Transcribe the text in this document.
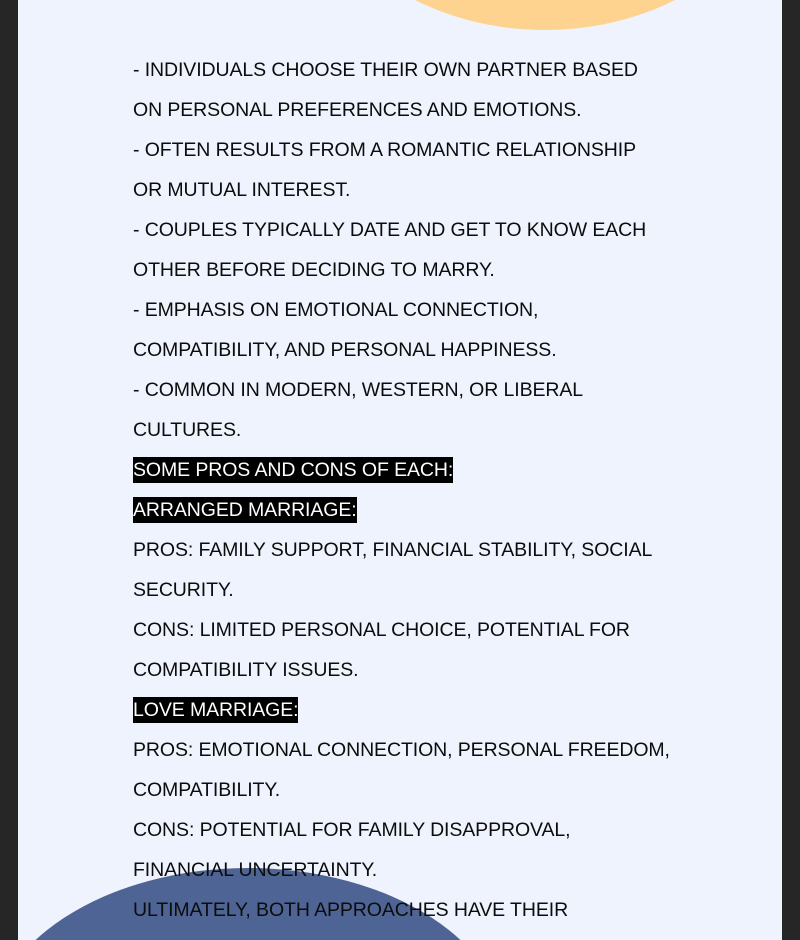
- INDIVIDUALS CHOOSE THEIR OWN PARTNER BASED
ON PERSONAL PREFERENCES AND EMOTIONS.
- OFTEN RESULTS FROM A ROMANTIC RELATIONSHIP
OR MUTUAL INTEREST.
- COUPLES TYPICALLY DATE AND GET TO KNOW EACH
OTHER BEFORE DECIDING TO MARRY.
- EMPHASIS ON EMOTIONAL CONNECTION,
COMPATIBILITY, AND PERSONAL HAPPINESS.
- COMMON IN MODERN, WESTERN, OR LIBERAL
CULTURES.
SOME PROS AND CONS OF EACH:
ARRANGED MARRIAGE:
PROS: FAMILY SUPPORT, FINANCIAL STABILITY, SOCIAL
SECURITY.
CONS: LIMITED PERSONAL CHOICE, POTENTIAL FOR
COMPATIBILITY ISSUES.
LOVE MARRIAGE:
PROS: EMOTIONAL CONNECTION, PERSONAL FREEDOM,
COMPATIBILITY.
CONS: POTENTIAL FOR FAMILY DISAPPROVAL,
FINANCIAL UNCERTAINTY.
ULTIMATELY, BOTH APPROACHES HAVE THEIR
